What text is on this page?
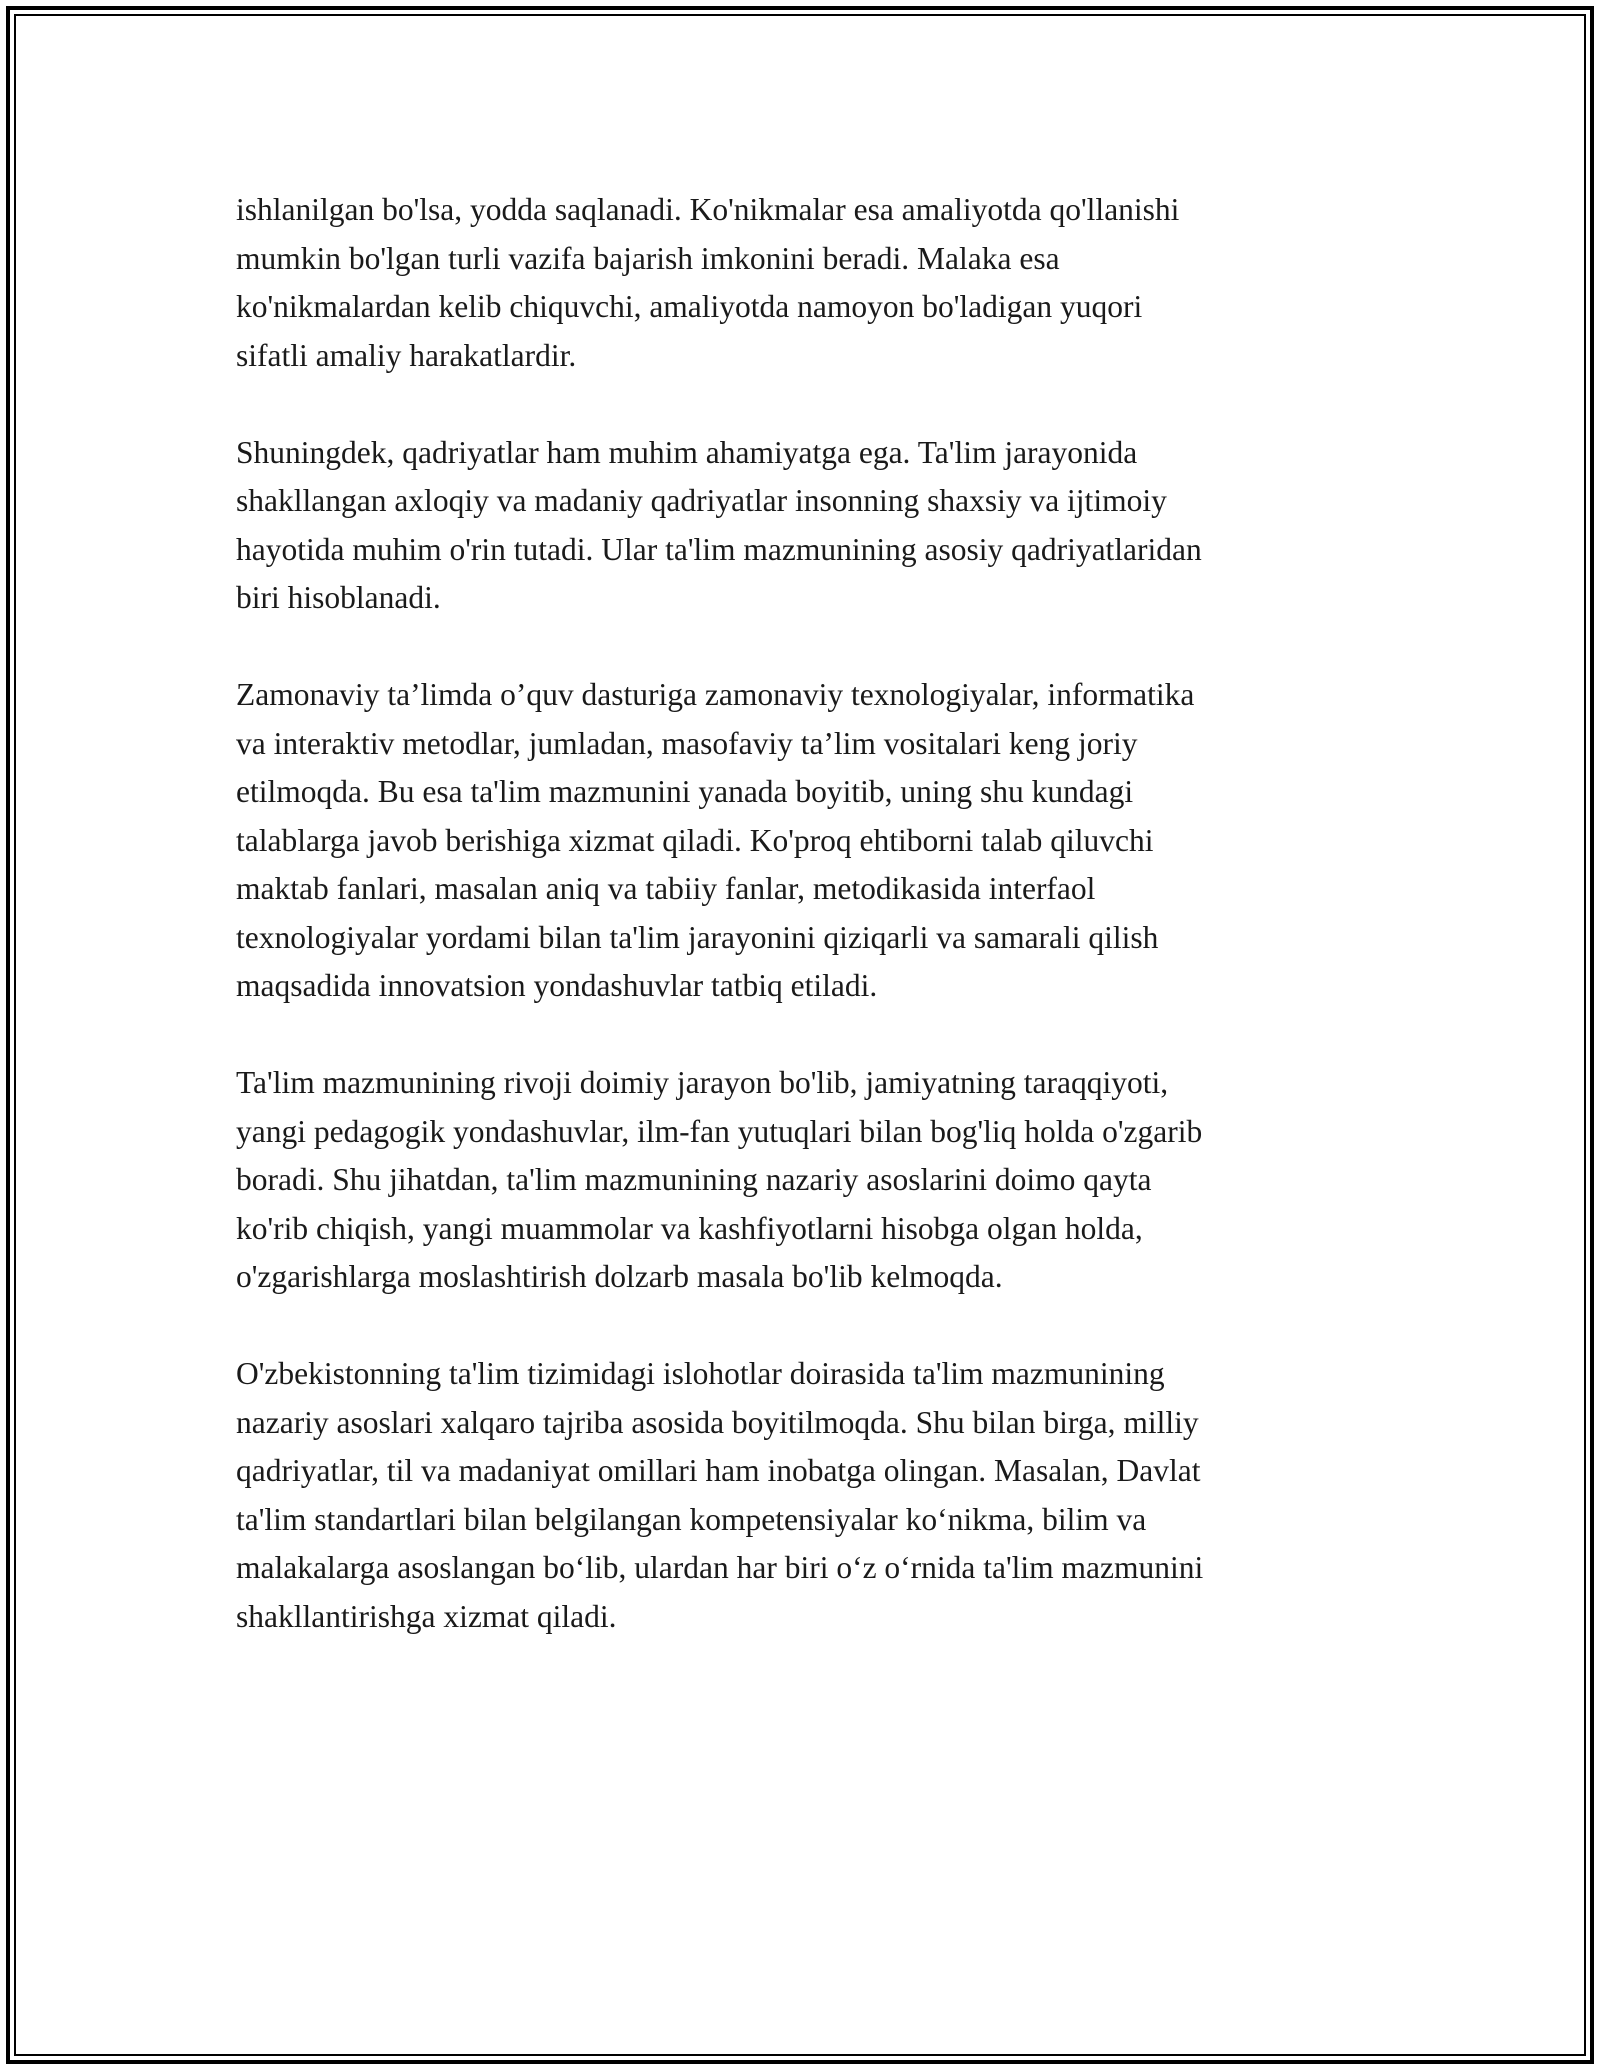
ishlanilgan bo'lsa, yodda saqlanadi. Ko'nikmalar esa amaliyotda qo'llanishi
mumkin bo'lgan turli vazifa bajarish imkonini beradi. Malaka esa
ko'nikmalardan kelib chiquvchi, amaliyotda namoyon bo'ladigan yuqori
sifatli amaliy harakatlardir.

Shuningdek, qadriyatlar ham muhim ahamiyatga ega. Ta'lim jarayonida
shakllangan axloqiy va madaniy qadriyatlar insonning shaxsiy va ijtimoiy
hayotida muhim o'rin tutadi. Ular ta'lim mazmunining asosiy qadriyatlaridan
biri hisoblanadi.

Zamonaviy ta’limda o’quv dasturiga zamonaviy texnologiyalar, informatika
va interaktiv metodlar, jumladan, masofaviy ta’lim vositalari keng joriy
etilmoqda. Bu esa ta'lim mazmunini yanada boyitib, uning shu kundagi
talablarga javob berishiga xizmat qiladi. Ko'proq ehtiborni talab qiluvchi
maktab fanlari, masalan aniq va tabiiy fanlar, metodikasida interfaol
texnologiyalar yordami bilan ta'lim jarayonini qiziqarli va samarali qilish
maqsadida innovatsion yondashuvlar tatbiq etiladi.

Ta'lim mazmunining rivoji doimiy jarayon bo'lib, jamiyatning taraqqiyoti,
yangi pedagogik yondashuvlar, ilm-fan yutuqlari bilan bog'liq holda o'zgarib
boradi. Shu jihatdan, ta'lim mazmunining nazariy asoslarini doimo qayta
ko'rib chiqish, yangi muammolar va kashfiyotlarni hisobga olgan holda,
o'zgarishlarga moslashtirish dolzarb masala bo'lib kelmoqda.

O'zbekistonning ta'lim tizimidagi islohotlar doirasida ta'lim mazmunining
nazariy asoslari xalqaro tajriba asosida boyitilmoqda. Shu bilan birga, milliy
qadriyatlar, til va madaniyat omillari ham inobatga olingan. Masalan, Davlat
ta'lim standartlari bilan belgilangan kompetensiyalar ko‘nikma, bilim va
malakalarga asoslangan bo‘lib, ulardan har biri o‘z o‘rnida ta'lim mazmunini
shakllantirishga xizmat qiladi.
